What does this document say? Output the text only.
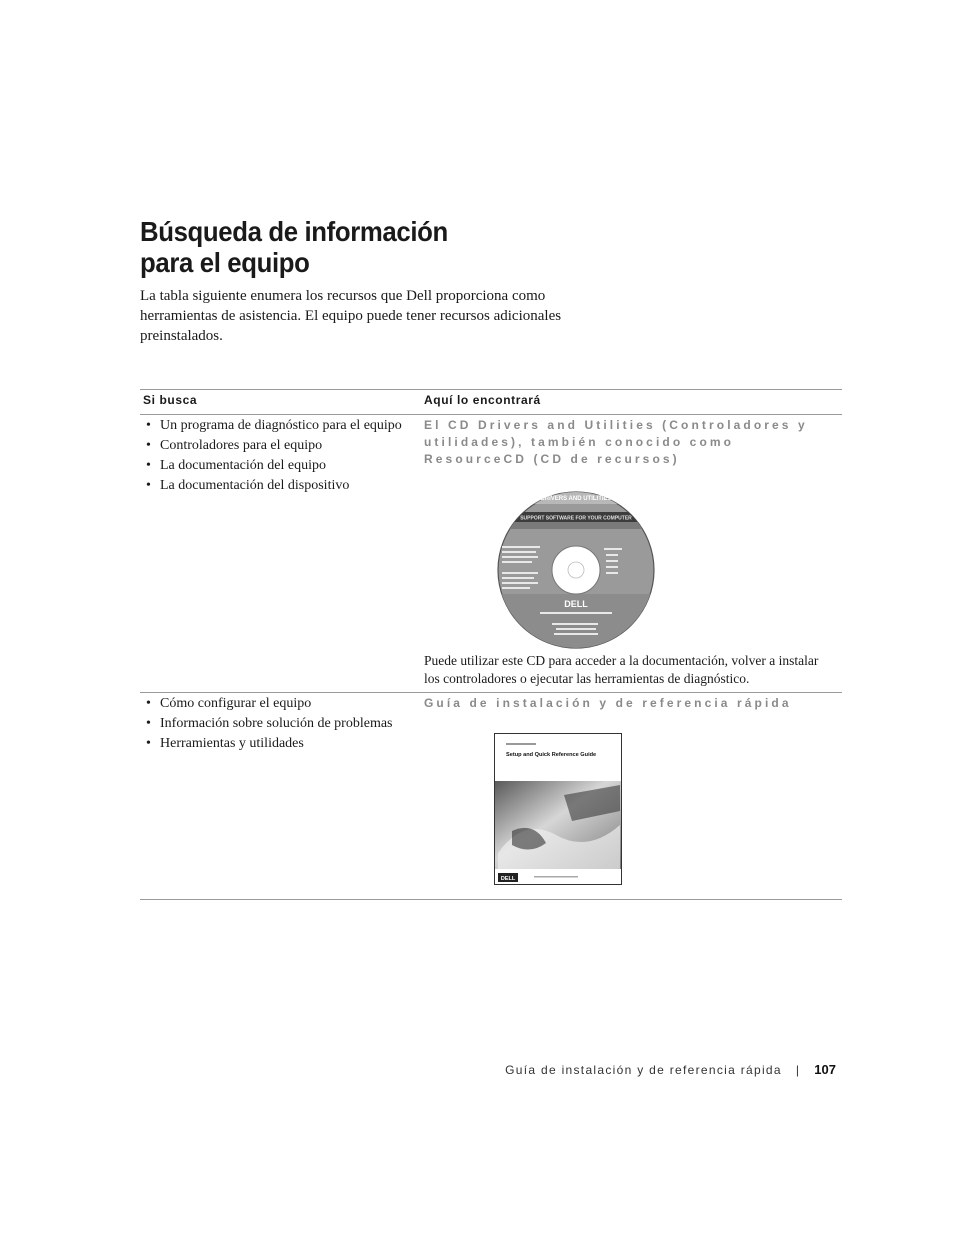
Búsqueda de información
para el equipo

La tabla siguiente enumera los recursos que Dell proporciona como herramientas de asistencia. El equipo puede tener recursos adicionales preinstalados.

Si busca	Aquí lo encontrará
• Un programa de diagnóstico para el equipo
• Controladores para el equipo
• La documentación del equipo
• La documentación del dispositivo
El CD Drivers and Utilities (Controladores y utilidades), también conocido como ResourceCD (CD de recursos)
DRIVERS AND UTILITIES
SUPPORT SOFTWARE FOR YOUR COMPUTER
DELL

Puede utilizar este CD para acceder a la documentación, volver a instalar los controladores o ejecutar las herramientas de diagnóstico.

• Cómo configurar el equipo
• Información sobre solución de problemas
• Herramientas y utilidades
Guía de instalación y de referencia rápida
Setup and Quick Reference Guide
DELL
Guía de instalación y de referencia rápida | 107
